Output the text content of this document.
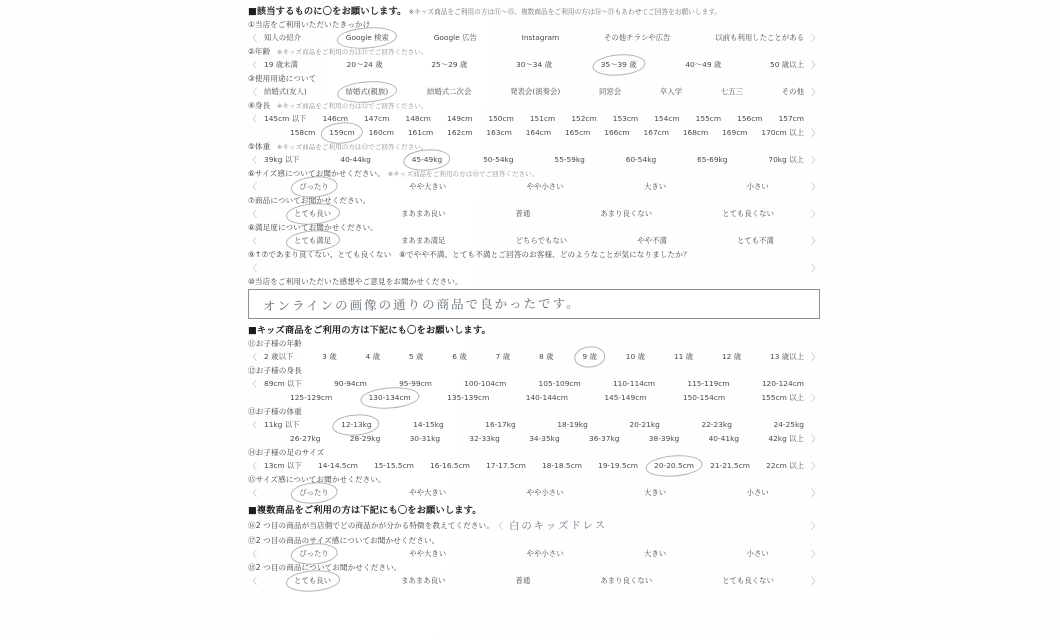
■該当するものに〇をお願いします。　※キッズ商品をご利用の方は⑪～⑮、複数商品をご利用の方は⑯～㉑もあわせてご回答をお願いします。
①当店をご利用いただいたきっかけ
〈 知人の紹介	Google 検索	Google 広告	Instagram	その他チラシや広告	以前も利用したことがある 〉
②年齢　※キッズ商品をご利用の方は⑪でご回答ください。
〈 19 歳未満	20～24 歳	25～29 歳	30～34 歳	35～39 歳	40～49 歳	50 歳以上 〉
③使用用途について
〈 結婚式(友人)	結婚式(親族)	結婚式二次会	発表会(演奏会)	同窓会	卒入学	七五三	その他 〉
④身長　※キッズ商品をご利用の方は⑫でご回答ください。
〈 145cm 以下 146cm 147cm 148cm 149cm 150cm 151cm 152cm 153cm 154cm 155cm 156cm 157cm
158cm 159cm 160cm 161cm 162cm 163cm 164cm 165cm 166cm 167cm 168cm 169cm 170cm 以上 〉
⑤体重　※キッズ商品をご利用の方は⑬でご回答ください。
〈 39kg 以下	40-44kg	45-49kg	50-54kg	55-59kg	60-54kg	65-69kg	70kg 以上 〉
⑥サイズ感についてお聞かせください。　※キッズ商品をご利用の方は⑮でご回答ください。
〈	ぴったり	やや大きい	やや小さい	大きい	小さい	〉
⑦商品についてお聞かせください。
〈	とても良い	まあまあ良い	普通	あまり良くない	とても良くない	〉
⑧満足度についてお聞かせください。
〈	とても満足	まあまあ満足	どちらでもない	やや不満	とても不満	〉
⑨↑⑦であまり良くない、とても良くない　⑧でやや不満、とても不満とご回答のお客様、どのようなことが気になりましたか？
〈	〉
⑩当店をご利用いただいた感想やご意見をお聞かせください。
オンラインの画像の通りの商品で良かったです。
■キッズ商品をご利用の方は下記にも〇をお願いします。
⑪お子様の年齢
〈 2 歳以下	3 歳	4 歳	5 歳	6 歳	7 歳	8 歳	9 歳	10 歳	11 歳	12 歳	13 歳以上 〉
⑫お子様の身長
〈 89cm 以下	90-94cm	95-99cm	100-104cm	105-109cm	110-114cm	115-119cm	120-124cm
125-129cm	130-134cm	135-139cm	140-144cm	145-149cm	150-154cm	155cm 以上 〉
⑬お子様の体重
〈 11kg 以下	12-13kg	14-15kg	16-17kg	18-19kg	20-21kg	22-23kg	24-25kg
26-27kg	28-29kg	30-31kg	32-33kg	34-35kg	36-37kg	38-39kg	40-41kg	42kg 以上 〉
⑭お子様の足のサイズ
〈 13cm 以下 14-14.5cm 15-15.5cm 16-16.5cm 17-17.5cm 18-18.5cm 19-19.5cm 20-20.5cm 21-21.5cm 22cm 以上 〉
⑮サイズ感についてお聞かせください。
〈	ぴったり	やや大きい	やや小さい	大きい	小さい	〉
■複数商品をご利用の方は下記にも〇をお願いします。
⑯2 つ目の商品が当店側でどの商品かが分かる特徴を教えてください。 〈 白のキッズドレス	〉
⑰2 つ目の商品のサイズ感についてお聞かせください。
〈	ぴったり	やや大きい	やや小さい	大きい	小さい	〉
⑱2 つ目の商品についてお聞かせください。
〈	とても良い	まあまあ良い	普通	あまり良くない	とても良くない	〉
